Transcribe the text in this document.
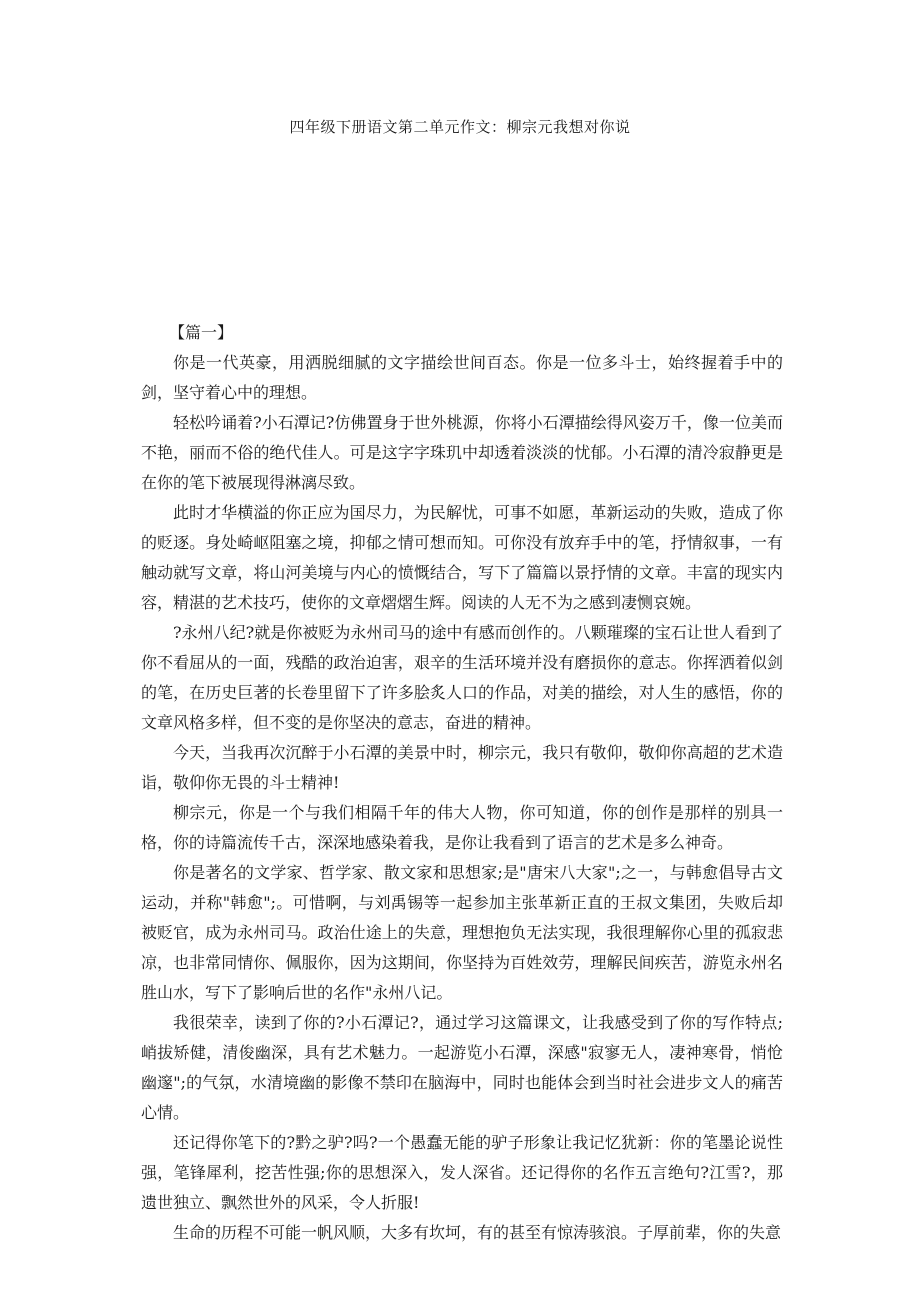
四年级下册语文第二单元作文：柳宗元我想对你说

【篇一】

你是一代英豪，用洒脱细腻的文字描绘世间百态。你是一位多斗士，始终握着手中的剑，坚守着心中的理想。

轻松吟诵着?小石潭记?仿佛置身于世外桃源，你将小石潭描绘得风姿万千，像一位美而不艳，丽而不俗的绝代佳人。可是这字字珠玑中却透着淡淡的忧郁。小石潭的清冷寂静更是在你的笔下被展现得淋漓尽致。

此时才华横溢的你正应为国尽力，为民解忧，可事不如愿，革新运动的失败，造成了你的贬逐。身处崎岖阻塞之境，抑郁之情可想而知。可你没有放弃手中的笔，抒情叙事，一有触动就写文章，将山河美境与内心的愤慨结合，写下了篇篇以景抒情的文章。丰富的现实内容，精湛的艺术技巧，使你的文章熠熠生辉。阅读的人无不为之感到凄恻哀婉。

?永州八纪?就是你被贬为永州司马的途中有感而创作的。八颗璀璨的宝石让世人看到了你不看屈从的一面，残酷的政治迫害，艰辛的生活环境并没有磨损你的意志。你挥洒着似剑的笔，在历史巨著的长卷里留下了许多脍炙人口的作品，对美的描绘，对人生的感悟，你的文章风格多样，但不变的是你坚决的意志，奋进的精神。

今天，当我再次沉醉于小石潭的美景中时，柳宗元，我只有敬仰，敬仰你高超的艺术造诣，敬仰你无畏的斗士精神!

柳宗元，你是一个与我们相隔千年的伟大人物，你可知道，你的创作是那样的别具一格，你的诗篇流传千古，深深地感染着我，是你让我看到了语言的艺术是多么神奇。

你是著名的文学家、哲学家、散文家和思想家;是"唐宋八大家";之一，与韩愈倡导古文运动，并称"韩愈";。可惜啊，与刘禹锡等一起参加主张革新正直的王叔文集团，失败后却被贬官，成为永州司马。政治仕途上的失意，理想抱负无法实现，我很理解你心里的孤寂悲凉，也非常同情你、佩服你，因为这期间，你坚持为百姓效劳，理解民间疾苦，游览永州名胜山水，写下了影响后世的名作"永州八记。

我很荣幸，读到了你的?小石潭记?，通过学习这篇课文，让我感受到了你的写作特点;峭拔矫健，清俊幽深，具有艺术魅力。一起游览小石潭，深感"寂寥无人，凄神寒骨，悄怆幽邃";的气氛，水清境幽的影像不禁印在脑海中，同时也能体会到当时社会进步文人的痛苦心情。

还记得你笔下的?黔之驴?吗?一个愚蠢无能的驴子形象让我记忆犹新：你的笔墨论说性强，笔锋犀利，挖苦性强;你的思想深入，发人深省。还记得你的名作五言绝句?江雪?，那遗世独立、飘然世外的风采，令人折服!

生命的历程不可能一帆风顺，大多有坎坷，有的甚至有惊涛骇浪。子厚前辈，你的失意
